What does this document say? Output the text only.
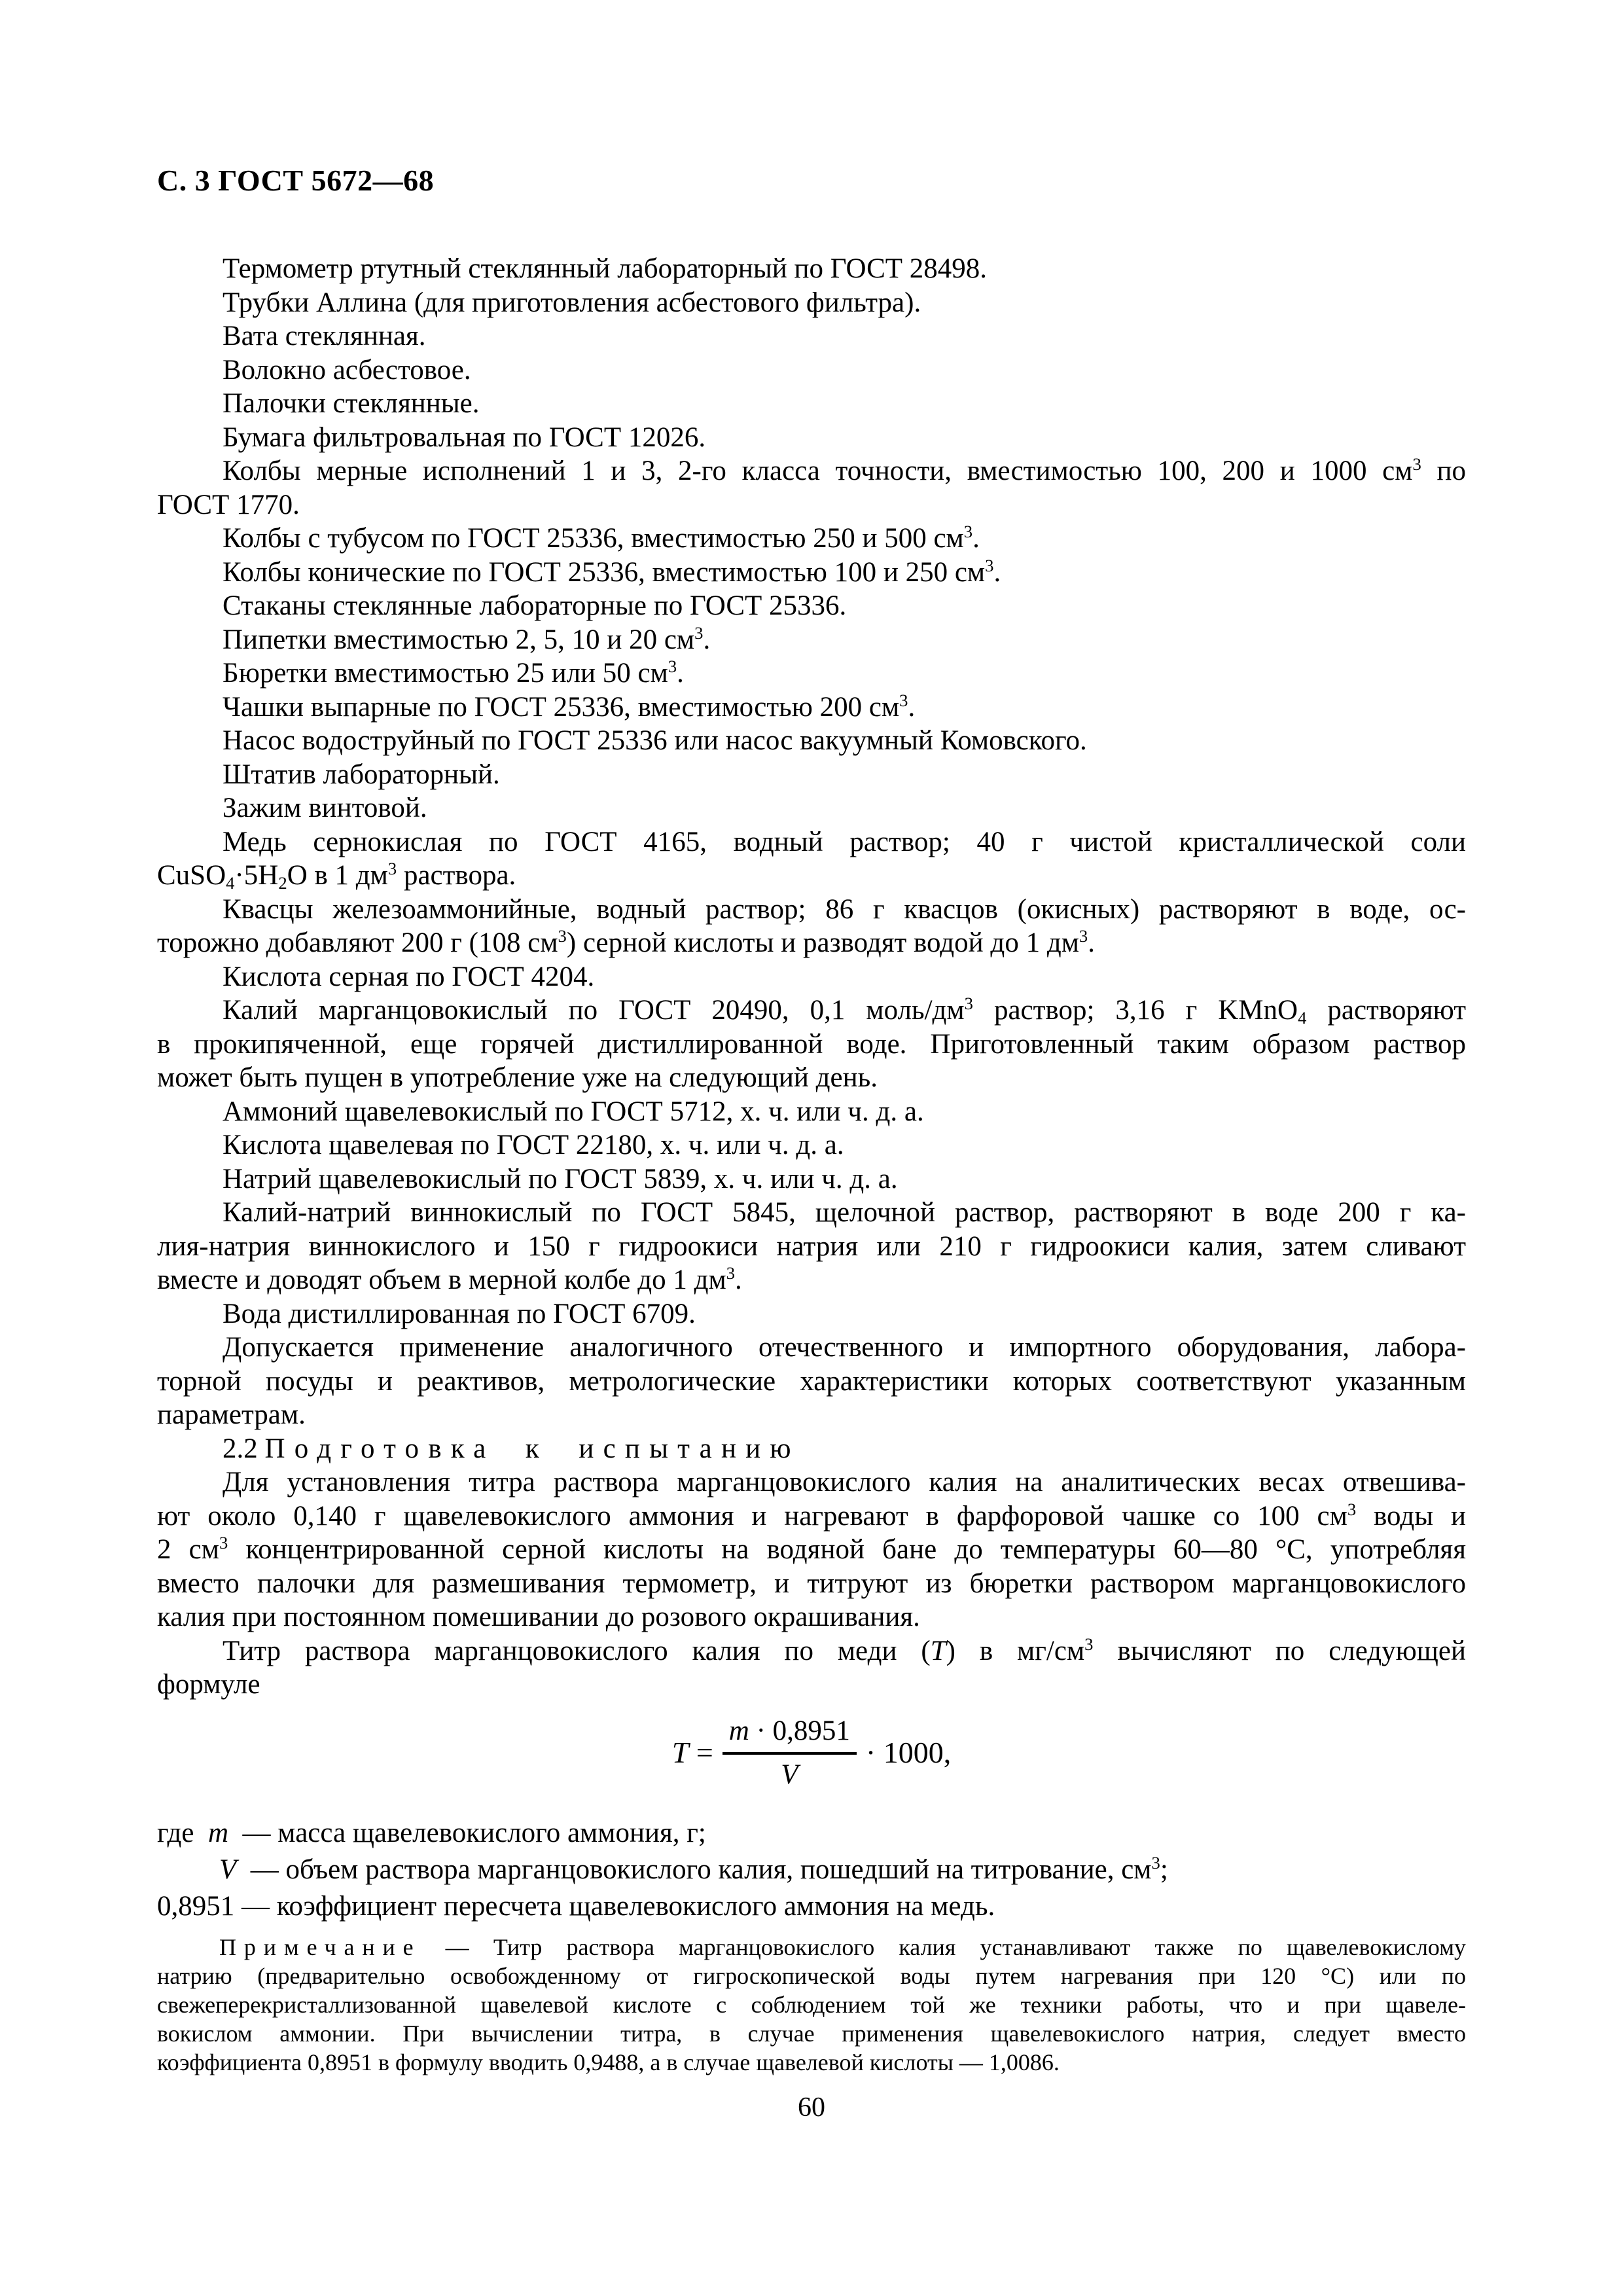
С. 3 ГОСТ 5672—68
Термометр ртутный стеклянный лабораторный по ГОСТ 28498.
Трубки Аллина (для приготовления асбестового фильтра).
Вата стеклянная.
Волокно асбестовое.
Палочки стеклянные.
Бумага фильтровальная по ГОСТ 12026.
Колбы мерные исполнений 1 и 3, 2-го класса точности, вместимостью 100, 200 и 1000 $см^3$ по
ГОСТ 1770.
Колбы с тубусом по ГОСТ 25336, вместимостью 250 и 500 $см^3$.
Колбы конические по ГОСТ 25336, вместимостью 100 и 250 $см^3$.
Стаканы стеклянные лабораторные по ГОСТ 25336.
Пипетки вместимостью 2, 5, 10 и 20 $см^3$.
Бюретки вместимостью 25 или 50 $см^3$.
Чашки выпарные по ГОСТ 25336, вместимостью 200 $см^3$.
Насос водоструйный по ГОСТ 25336 или насос вакуумный Комовского.
Штатив лабораторный.
Зажим винтовой.
Медь сернокислая по ГОСТ 4165, водный раствор; 40 г чистой кристаллической соли
$CuSO_4\cdot 5H_2O$ в 1 $дм^3$ раствора.
Квасцы железоаммонийные, водный раствор; 86 г квасцов (окисных) растворяют в воде, ос-
торожно добавляют 200 г (108 $см^3$) серной кислоты и разводят водой до 1 $дм^3$.
Кислота серная по ГОСТ 4204.
Калий марганцовокислый по ГОСТ 20490, 0,1 моль/$дм^3$ раствор; 3,16 г KMnO$_4$ растворяют
в прокипяченной, еще горячей дистиллированной воде. Приготовленный таким образом раствор
может быть пущен в употребление уже на следующий день.
Аммоний щавелевокислый по ГОСТ 5712, х. ч. или ч. д. а.
Кислота щавелевая по ГОСТ 22180, х. ч. или ч. д. а.
Натрий щавелевокислый по ГОСТ 5839, х. ч. или ч. д. а.
Калий-натрий виннокислый по ГОСТ 5845, щелочной раствор, растворяют в воде 200 г ка-
лия-натрия виннокислого и 150 г гидроокиси натрия или 210 г гидроокиси калия, затем сливают
вместе и доводят объем в мерной колбе до 1 $дм^3$.
Вода дистиллированная по ГОСТ 6709.
Допускается применение аналогичного отечественного и импортного оборудования, лабора-
торной посуды и реактивов, метрологические характеристики которых соответствуют указанным
параметрам.
2.2 Подготовка к испытанию
Для установления титра раствора марганцовокислого калия на аналитических весах отвешива-
ют около 0,140 г щавелевокислого аммония и нагревают в фарфоровой чашке со 100 $см^3$ воды и
2 $см^3$ концентрированной серной кислоты на водяной бане до температуры 60—80 °С, употребляя
вместо палочки для размешивания термометр, и титруют из бюретки раствором марганцовокислого
калия при постоянном помешивании до розового окрашивания.
Титр раствора марганцовокислого калия по меди (Т) в $мг/см^3$ вычисляют по следующей
формуле
$Т = \frac{m \cdot 0,8951}{V} \cdot 1000$,
где  m  — масса щавелевокислого аммония, г;
V  — объем раствора марганцовокислого калия, пошедший на титрование, $см^3$;
0,8951 — коэффициент пересчета щавелевокислого аммония на медь.
Примечание — Титр раствора марганцовокислого калия устанавливают также по щавелевокислому
натрию (предварительно освобожденному от гигроскопической воды путем нагревания при 120 °С) или по
свежеперекристаллизованной щавелевой кислоте с соблюдением той же техники работы, что и при щавеле-
вокислом аммонии. При вычислении титра, в случае применения щавелевокислого натрия, следует вместо
коэффициента 0,8951 в формулу вводить 0,9488, а в случае щавелевой кислоты — 1,0086.
60
